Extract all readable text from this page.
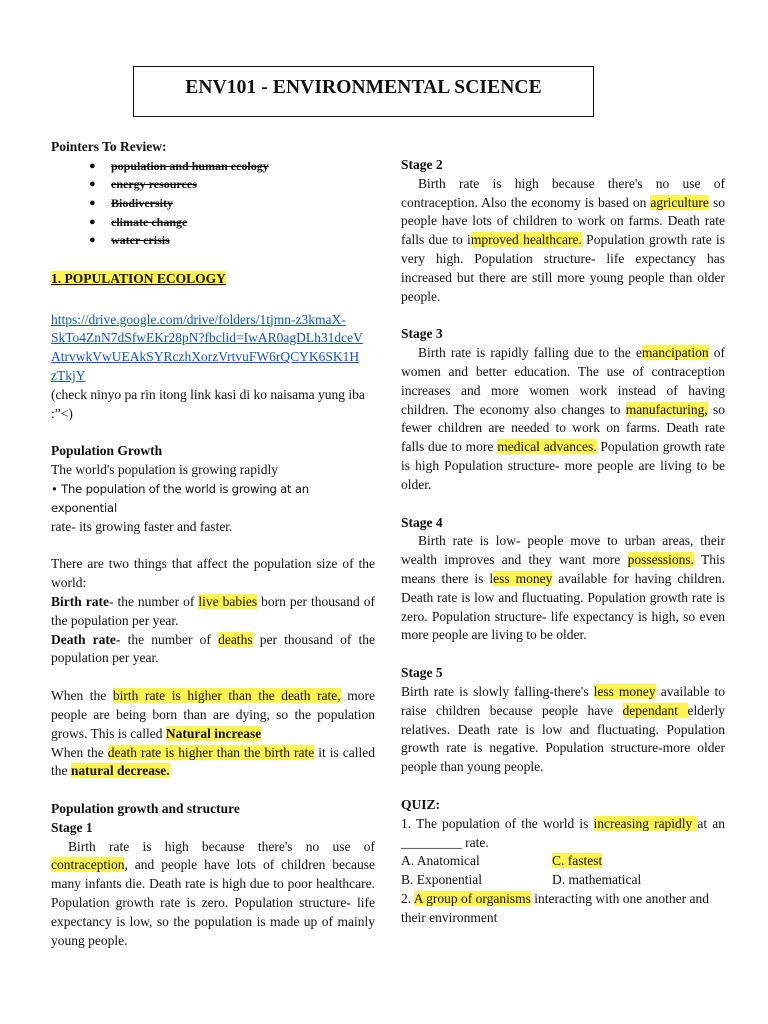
ENV101 - ENVIRONMENTAL SCIENCE

Pointers To Review:

● population and human ecology
● energy resources
● Biodiversity
● climate change
● water crisis

1. POPULATION ECOLOGY

https://drive.google.com/drive/folders/1tjmn-z3kmaX-
SkTo4ZnN7dSfwEKr28pN?fbclid=IwAR0agDLh31dceV
AtrvwkVwUEAkSYRczhXorzVrtvuFW6rQCYK6SK1H
zTkjY

(check ninyo pa rin itong link kasi di ko naisama yung iba :”<)

Population Growth

The world's population is growing rapidly

• The population of the world is growing at an exponential

rate- its growing faster and faster.

There are two things that affect the population size of the world:

Birth rate- the number of live babies born per thousand of the population per year.

Death rate- the number of deaths per thousand of the population per year.

When the birth rate is higher than the death rate, more people are being born than are dying, so the population grows. This is called Natural increase

When the death rate is higher than the birth rate it is called the natural decrease.

Population growth and structure

Stage 1

Birth rate is high because there's no use of contraception, and people have lots of children because many infants die. Death rate is high due to poor healthcare. Population growth rate is zero. Population structure- life expectancy is low, so the population is made up of mainly young people.

Stage 2

Birth rate is high because there's no use of contraception. Also the economy is based on agriculture so people have lots of children to work on farms. Death rate falls due to improved healthcare. Population growth rate is very high. Population structure- life expectancy has increased but there are still more young people than older people.

Stage 3

Birth rate is rapidly falling due to the emancipation of women and better education. The use of contraception increases and more women work instead of having children. The economy also changes to manufacturing, so fewer children are needed to work on farms. Death rate falls due to more medical advances. Population growth rate is high Population structure- more people are living to be older.

Stage 4

Birth rate is low- people move to urban areas, their wealth improves and they want more possessions. This means there is less money available for having children. Death rate is low and fluctuating. Population growth rate is zero. Population structure- life expectancy is high, so even more people are living to be older.

Stage 5

Birth rate is slowly falling-there's less money available to raise children because people have dependant elderly relatives. Death rate is low and fluctuating. Population growth rate is negative. Population structure-more older people than young people.

QUIZ:

1. The population of the world is increasing rapidly at an _________ rate.

A. Anatomical	C. fastest
B. Exponential	D. mathematical

2. A group of organisms interacting with one another and their environment
